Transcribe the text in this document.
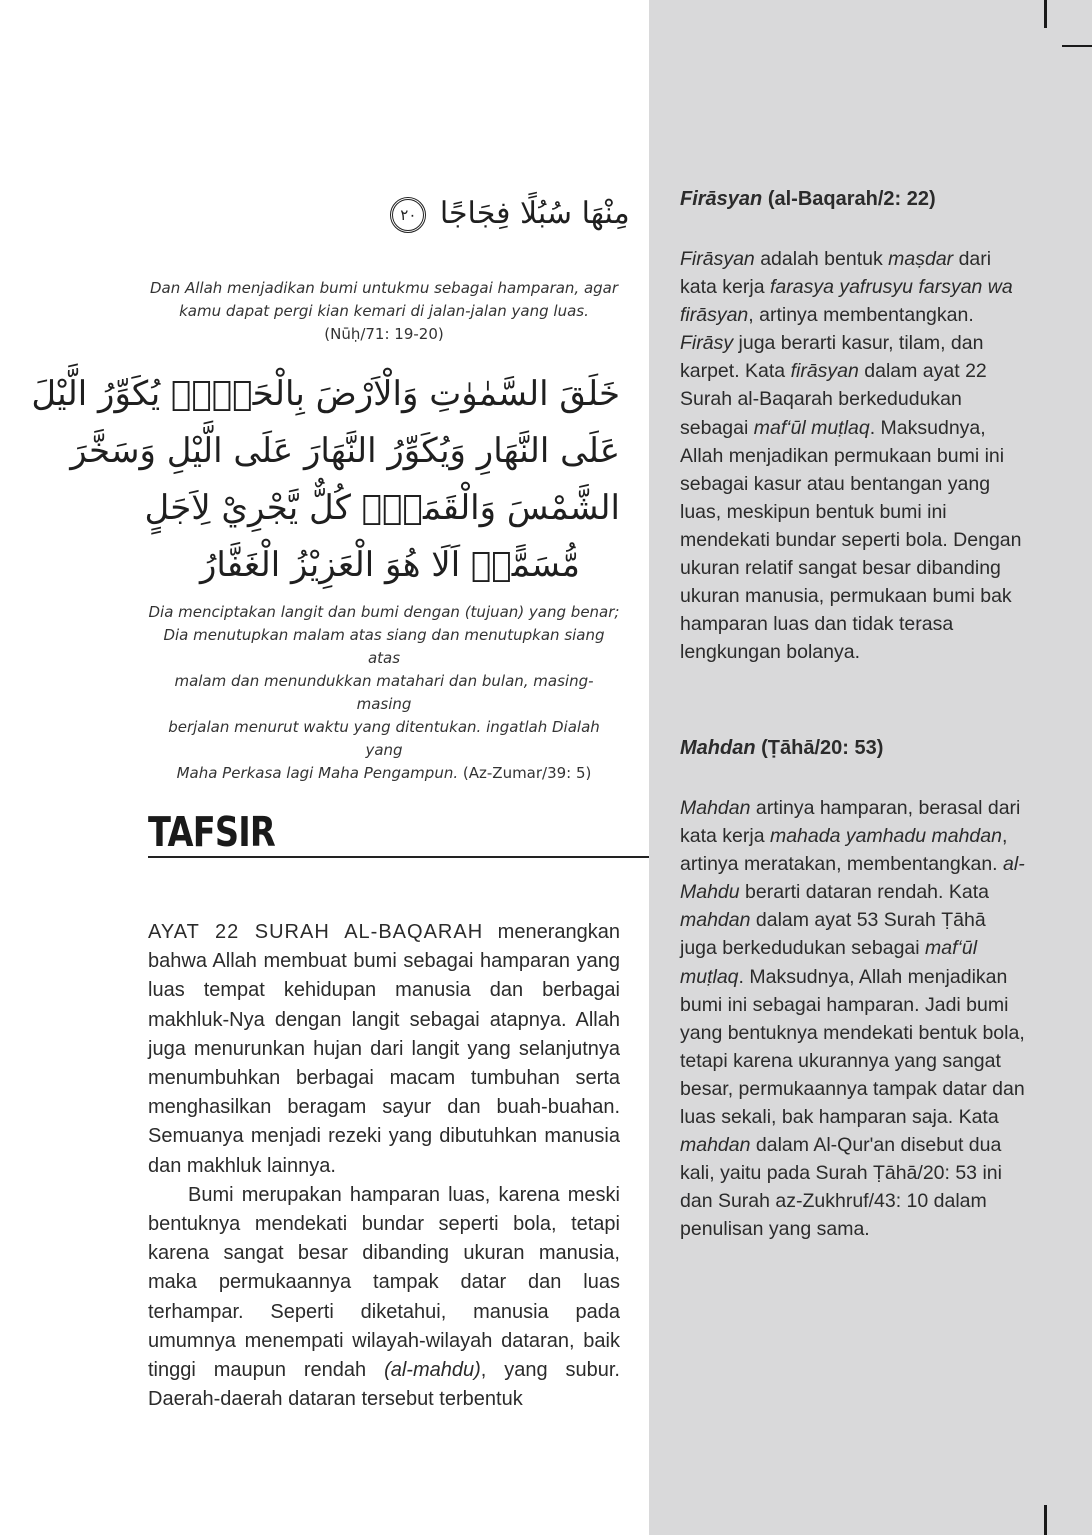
مِنْهَا سُبُلًا فِجَاجًا ٢٠
Dan Allah menjadikan bumi untukmu sebagai hamparan, agar
kamu dapat pergi kian kemari di jalan-jalan yang luas.
(Nūḥ/71: 19-20)
خَلَقَ السَّمٰوٰتِ وَالْاَرْضَ بِالْحَقِّۚ يُكَوِّرُ الَّيْلَ
عَلَى النَّهَارِ وَيُكَوِّرُ النَّهَارَ عَلَى الَّيْلِ وَسَخَّرَ
الشَّمْسَ وَالْقَمَرَۗ كُلٌّ يَّجْرِيْ لِاَجَلٍ
مُّسَمًّىۗ اَلَا هُوَ الْعَزِيْزُ الْغَفَّارُ
Dia menciptakan langit dan bumi dengan (tujuan) yang benar;
Dia menutupkan malam atas siang dan menutupkan siang atas
malam dan menundukkan matahari dan bulan, masing-masing
berjalan menurut waktu yang ditentukan. ingatlah Dialah yang
Maha Perkasa lagi Maha Pengampun. (Az-Zumar/39: 5)
TAFSIR

AYAT 22 SURAH AL-BAQARAH menerangkan bahwa Allah membuat bumi sebagai hamparan yang luas tempat kehidupan manusia dan berbagai makhluk-Nya dengan langit sebagai atapnya. Allah juga menurunkan hujan dari langit yang selanjutnya menumbuhkan berbagai macam tumbuhan serta menghasilkan beragam sayur dan buah-buahan. Semuanya menjadi rezeki yang dibutuhkan manusia dan makhluk lainnya.

Bumi merupakan hamparan luas, karena meski bentuknya mendekati bundar seperti bola, tetapi karena sangat besar dibanding ukuran manusia, maka permukaannya tampak datar dan luas terhampar. Seperti diketahui, manusia pada umumnya menempati wilayah-wilayah dataran, baik tinggi maupun rendah (al-mahdu), yang subur. Daerah-daerah dataran tersebut terbentuk

Firāsyan (al-Baqarah/2: 22)
Firāsyan adalah bentuk maṣdar dari kata kerja farasya yafrusyu farsyan wa firāsyan, artinya membentangkan. Firāsy juga berarti kasur, tilam, dan karpet. Kata firāsyan dalam ayat 22 Surah al-Baqarah berkedudukan sebagai maf‘ūl muṭlaq. Maksudnya, Allah menjadikan permukaan bumi ini sebagai kasur atau bentangan yang luas, meskipun bentuk bumi ini mendekati bundar seperti bola. Dengan ukuran relatif sangat besar dibanding ukuran manusia, permukaan bumi bak hamparan luas dan tidak terasa lengkungan bolanya.
Mahdan (Ṭāhā/20: 53)
Mahdan artinya hamparan, berasal dari kata kerja mahada yamhadu mahdan, artinya meratakan, membentangkan. al-Mahdu berarti dataran rendah. Kata mahdan dalam ayat 53 Surah Ṭāhā juga berkedudukan sebagai maf‘ūl muṭlaq. Maksudnya, Allah menjadikan bumi ini sebagai hamparan. Jadi bumi yang bentuknya mendekati bentuk bola, tetapi karena ukurannya yang sangat besar, permukaannya tampak datar dan luas sekali, bak hamparan saja. Kata mahdan dalam Al-Qur'an disebut dua kali, yaitu pada Surah Ṭāhā/20: 53 ini dan Surah az-Zukhruf/43: 10 dalam penulisan yang sama.
